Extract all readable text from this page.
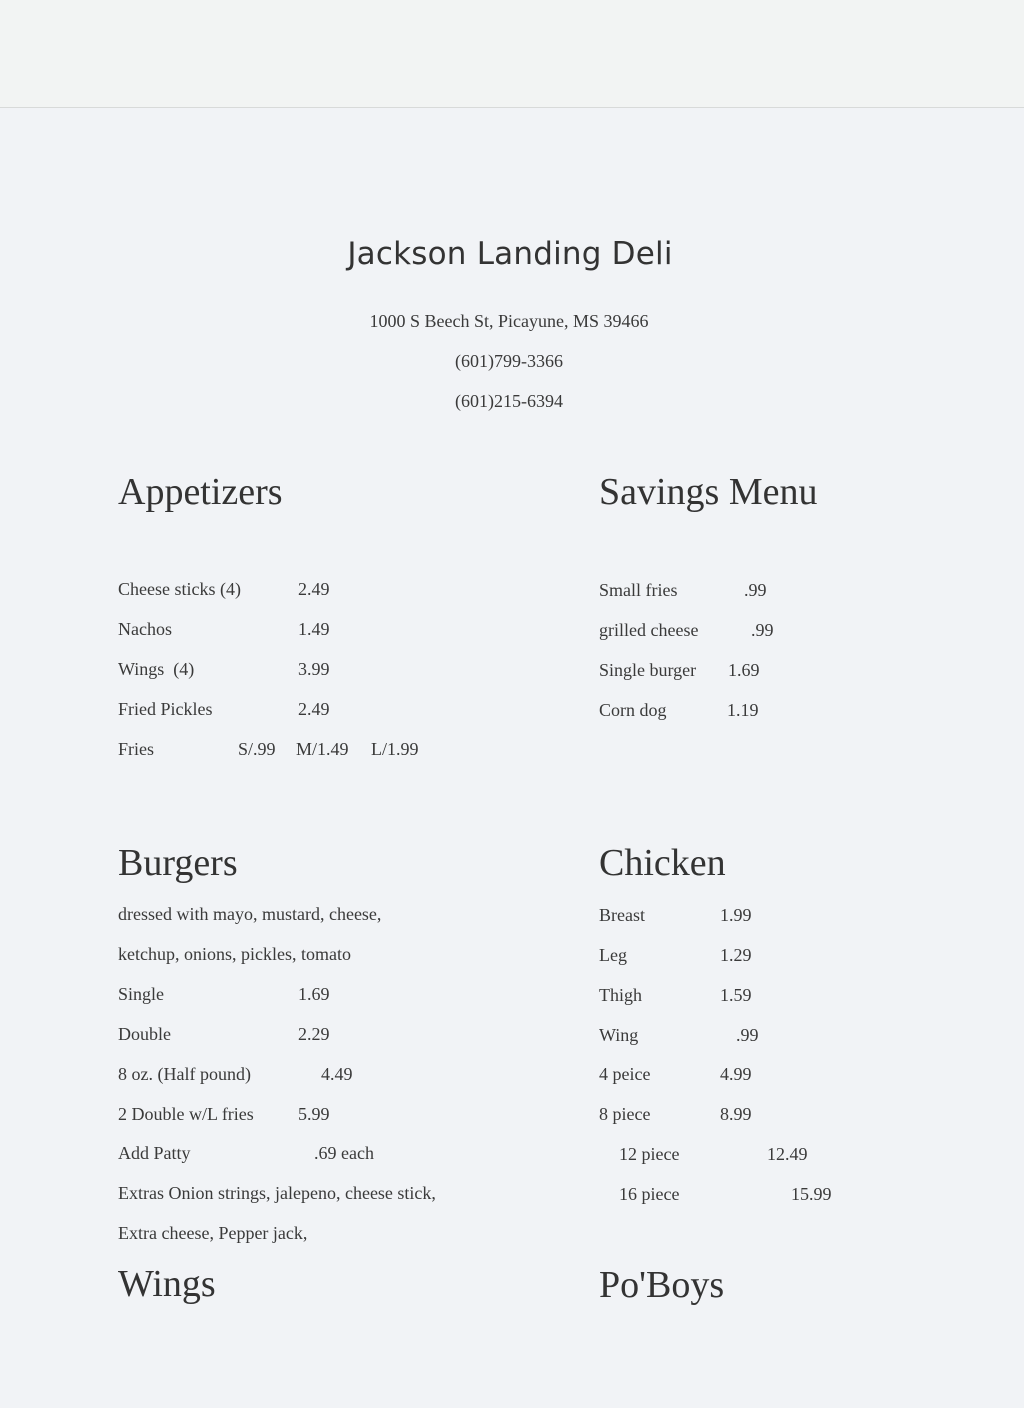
Jackson Landing Deli
1000 S Beech St, Picayune, MS 39466
(601)799-3366
(601)215-6394
Appetizers
Cheese sticks (4)	2.49
Nachos	1.49
Wings  (4)	3.99
Fried Pickles	2.49
Fries	S/.99 M/1.49 L/1.99
Savings Menu
Small fries	.99
grilled cheese	.99
Single burger 1.69
Corn dog	1.19
Burgers
dressed with mayo, mustard, cheese,
ketchup, onions, pickles, tomato
Single	1.69
Double	2.29
8 oz. (Half pound)	4.49
2 Double w/L fries 5.99
Add Patty	.69 each
Extras Onion strings, jalepeno, cheese stick,
Extra cheese, Pepper jack,
Chicken
Breast	1.99
Leg	1.29
Thigh	1.59
Wing	.99
4 peice	4.99
8 piece	8.99
12 piece	12.49
16 piece	15.99
Wings	Po'Boys
